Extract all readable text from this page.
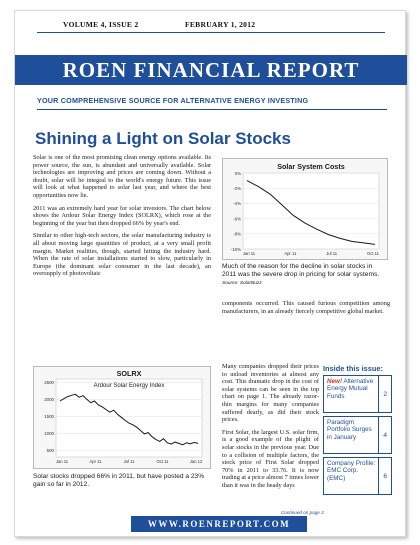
VOLUME 4, ISSUE 2	FEBRUARY 1, 2012
ROEN FINANCIAL REPORT
YOUR COMPREHENSIVE SOURCE FOR ALTERNATIVE ENERGY INVESTING
Shining a Light on Solar Stocks

Solar is one of the most promising clean energy options available. Its power source, the sun, is abundant and universally available. Solar technologies are improving and prices are coming down. Without a doubt, solar will be integral to the world's energy future. This issue will look at what happened to solar last year, and where the best opportunities now lie.

2011 was an extremely hard year for solar investors. The chart below shows the Ardour Solar Energy Index (SOLRX), which rose at the beginning of the year but then dropped 66% by year's end.

Similar to other high-tech sectors, the solar manufacturing industry is all about moving large quantities of product, at a very small profit margin. Market realities, though, started hitting the industry hard. When the rate of solar installations started to slow, particularly in Europe (the dominant solar consumer in the last decade), an oversupply of photovoltaic

Solar System Costs
0%
-2%
-4%
-6%
-8%
-10%
Jan 11	Apr 11	Jul 11	Oct 11
Much of the reason for the decline in solar stocks in 2011 was the severe drop in pricing for solar systems. Source: SolarBuzz

components occurred. This caused furious competition among manufacturers, in an already fiercely competitive global market.

Many companies dropped their prices to unload inventories at almost any cost. This dramatic drop in the cost of solar systems can be seen in the top chart on page 1. The already razor-thin margins for many companies suffered dearly, as did their stock prices.

First Solar, the largest U.S. solar firm, is a good example of the plight of solar stocks in the previous year. Due to a collision of multiple factors, the stock price of First Solar dropped 70% in 2011 to 33.76. It is now trading at a price almost 7 times lower than it was in the heady days

Continued on page 3
SOLRX
Ardour Solar Energy Index
2500
2000
1500
1000
500
Jan 11	Apr 11	Jul 11	Oct 11	Jan 12
Solar stocks dropped 66% in 2011, but have posted a 23% gain so far in 2012.
Inside this issue:
New! Alternative Energy Mutual Funds	2
Paradigm Portfolio Surges in January	4
Company Profile: EMC Corp. (EMC)	6
WWW.ROENREPORT.COM
